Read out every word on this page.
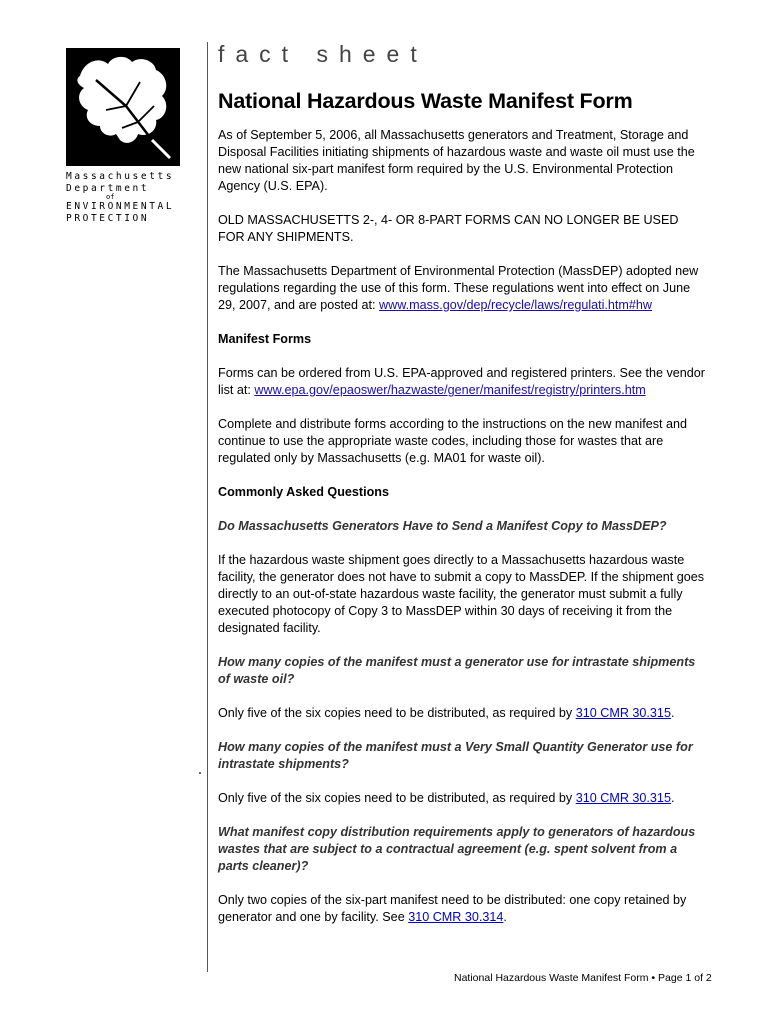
Massachusetts
Department
of
ENVIRONMENTAL
PROTECTION
fact sheet
National Hazardous Waste Manifest Form

As of September 5, 2006, all Massachusetts generators and Treatment, Storage and Disposal Facilities initiating shipments of hazardous waste and waste oil must use the new national six-part manifest form required by the U.S. Environmental Protection Agency (U.S. EPA).

OLD MASSACHUSETTS 2-, 4- OR 8-PART FORMS CAN NO LONGER BE USED FOR ANY SHIPMENTS.

The Massachusetts Department of Environmental Protection (MassDEP) adopted new regulations regarding the use of this form. These regulations went into effect on June 29, 2007, and are posted at: www.mass.gov/dep/recycle/laws/regulati.htm#hw

Manifest Forms

Forms can be ordered from U.S. EPA-approved and registered printers. See the vendor list at: www.epa.gov/epaoswer/hazwaste/gener/manifest/registry/printers.htm

Complete and distribute forms according to the instructions on the new manifest and continue to use the appropriate waste codes, including those for wastes that are regulated only by Massachusetts (e.g. MA01 for waste oil).

Commonly Asked Questions

Do Massachusetts Generators Have to Send a Manifest Copy to MassDEP?

If the hazardous waste shipment goes directly to a Massachusetts hazardous waste facility, the generator does not have to submit a copy to MassDEP. If the shipment goes directly to an out-of-state hazardous waste facility, the generator must submit a fully executed photocopy of Copy 3 to MassDEP within 30 days of receiving it from the designated facility.

How many copies of the manifest must a generator use for intrastate shipments of waste oil?

Only five of the six copies need to be distributed, as required by 310 CMR 30.315.

How many copies of the manifest must a Very Small Quantity Generator use for intrastate shipments?

Only five of the six copies need to be distributed, as required by 310 CMR 30.315.

What manifest copy distribution requirements apply to generators of hazardous wastes that are subject to a contractual agreement (e.g. spent solvent from a parts cleaner)?

Only two copies of the six-part manifest need to be distributed: one copy retained by generator and one by facility. See 310 CMR 30.314.

National Hazardous Waste Manifest Form • Page 1 of 2
